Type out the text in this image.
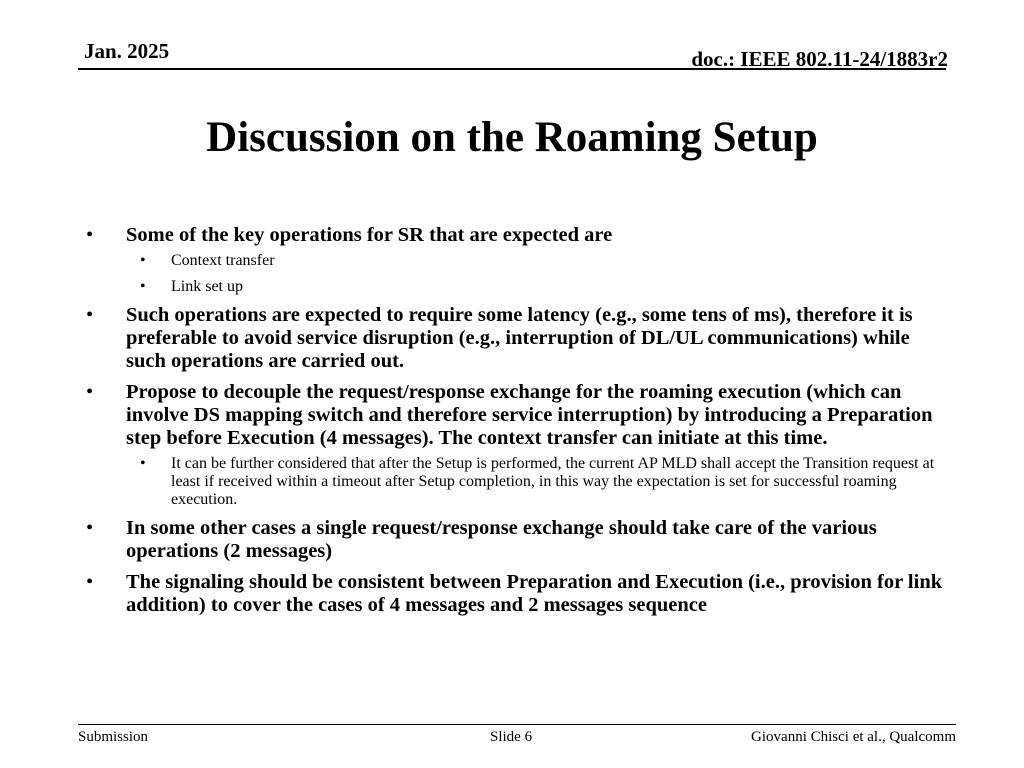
Jan. 2025	doc.: IEEE 802.11-24/1883r2
Discussion on the Roaming Setup
• Some of the key operations for SR that are expected are
• Context transfer
• Link set up
• Such operations are expected to require some latency (e.g., some tens of ms), therefore it is preferable to avoid service disruption (e.g., interruption of DL/UL communications) while such operations are carried out.
• Propose to decouple the request/response exchange for the roaming execution (which can involve DS mapping switch and therefore service interruption) by introducing a Preparation step before Execution (4 messages). The context transfer can initiate at this time.
• It can be further considered that after the Setup is performed, the current AP MLD shall accept the Transition request at least if received within a timeout after Setup completion, in this way the expectation is set for successful roaming execution.
• In some other cases a single request/response exchange should take care of the various operations (2 messages)
• The signaling should be consistent between Preparation and Execution (i.e., provision for link addition) to cover the cases of 4 messages and 2 messages sequence
Submission	Slide 6	Giovanni Chisci et al., Qualcomm
